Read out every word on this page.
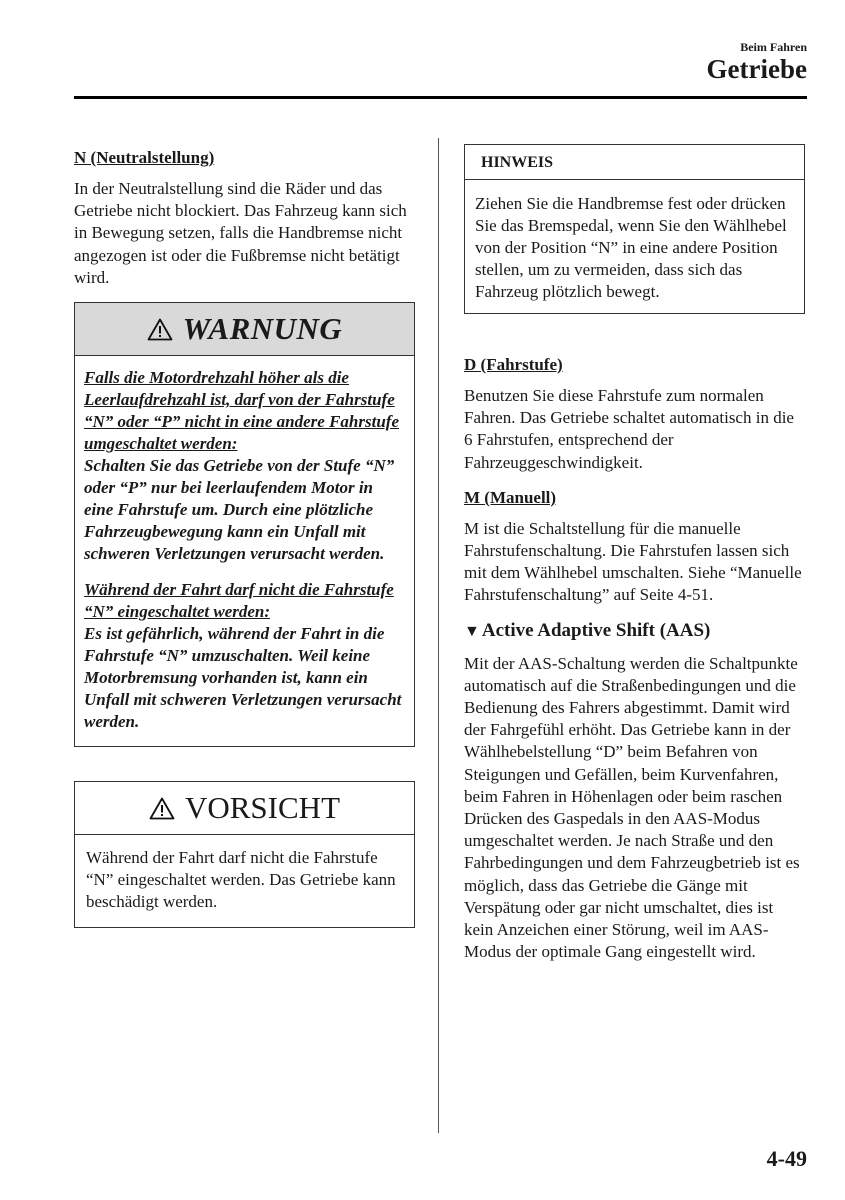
Beim Fahren
Getriebe
N (Neutralstellung)

In der Neutralstellung sind die Räder und das Getriebe nicht blockiert. Das Fahrzeug kann sich in Bewegung setzen, falls die Handbremse nicht angezogen ist oder die Fußbremse nicht betätigt wird.

WARNUNG

Falls die Motordrehzahl höher als die Leerlaufdrehzahl ist, darf von der Fahrstufe “N” oder “P” nicht in eine andere Fahrstufe umgeschaltet werden:
Schalten Sie das Getriebe von der Stufe “N” oder “P” nur bei leerlaufendem Motor in eine Fahrstufe um. Durch eine plötzliche Fahrzeugbewegung kann ein Unfall mit schweren Verletzungen verursacht werden.

Während der Fahrt darf nicht die Fahrstufe “N” eingeschaltet werden:
Es ist gefährlich, während der Fahrt in die Fahrstufe “N” umzuschalten. Weil keine Motorbremsung vorhanden ist, kann ein Unfall mit schweren Verletzungen verursacht werden.

VORSICHT
Während der Fahrt darf nicht die Fahrstufe “N” eingeschaltet werden. Das Getriebe kann beschädigt werden.
HINWEIS
Ziehen Sie die Handbremse fest oder drücken Sie das Bremspedal, wenn Sie den Wählhebel von der Position “N” in eine andere Position stellen, um zu vermeiden, dass sich das Fahrzeug plötzlich bewegt.
D (Fahrstufe)

Benutzen Sie diese Fahrstufe zum normalen Fahren. Das Getriebe schaltet automatisch in die 6 Fahrstufen, entsprechend der Fahrzeuggeschwindigkeit.

M (Manuell)

M ist die Schaltstellung für die manuelle Fahrstufenschaltung. Die Fahrstufen lassen sich mit dem Wählhebel umschalten. Siehe “Manuelle Fahrstufenschaltung” auf Seite 4-51.

▼ Active Adaptive Shift (AAS)

Mit der AAS-Schaltung werden die Schaltpunkte automatisch auf die Straßenbedingungen und die Bedienung des Fahrers abgestimmt. Damit wird der Fahrgefühl erhöht. Das Getriebe kann in der Wählhebelstellung “D” beim Befahren von Steigungen und Gefällen, beim Kurvenfahren, beim Fahren in Höhenlagen oder beim raschen Drücken des Gaspedals in den AAS-Modus umgeschaltet werden. Je nach Straße und den Fahrbedingungen und dem Fahrzeugbetrieb ist es möglich, dass das Getriebe die Gänge mit Verspätung oder gar nicht umschaltet, dies ist kein Anzeichen einer Störung, weil im AAS-Modus der optimale Gang eingestellt wird.

4-49
